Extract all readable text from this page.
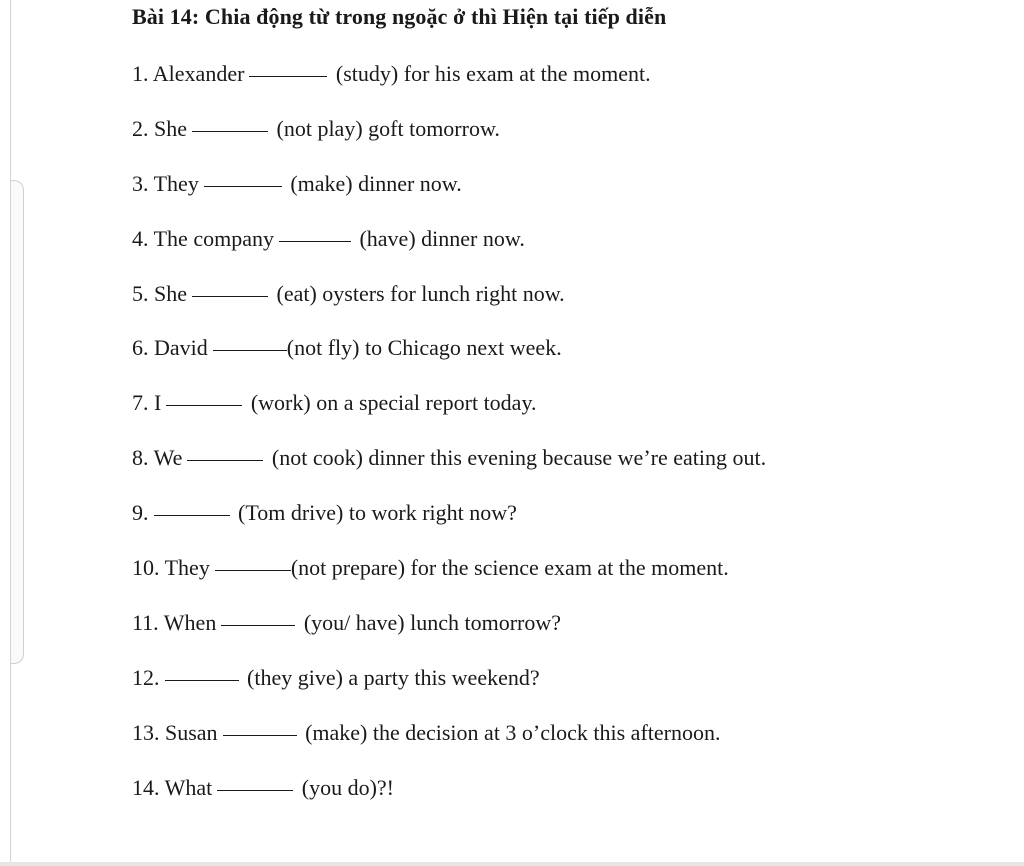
Bài 14: Chia động từ trong ngoặc ở thì Hiện tại tiếp diễn
1. Alexander	(study) for his exam at the moment.
2. She	(not play) goft tomorrow.
3. They	(make) dinner now.
4. The company	(have) dinner now.
5. She	(eat) oysters for lunch right now.
6. David	(not fly) to Chicago next week.
7. I	(work) on a special report today.
8. We	(not cook) dinner this evening because we’re eating out.
9.	(Tom drive) to work right now?
10. They	(not prepare) for the science exam at the moment.
11. When	(you/ have) lunch tomorrow?
12.	(they give) a party this weekend?
13. Susan	(make) the decision at 3 o’clock this afternoon.
14. What	(you do)?!
